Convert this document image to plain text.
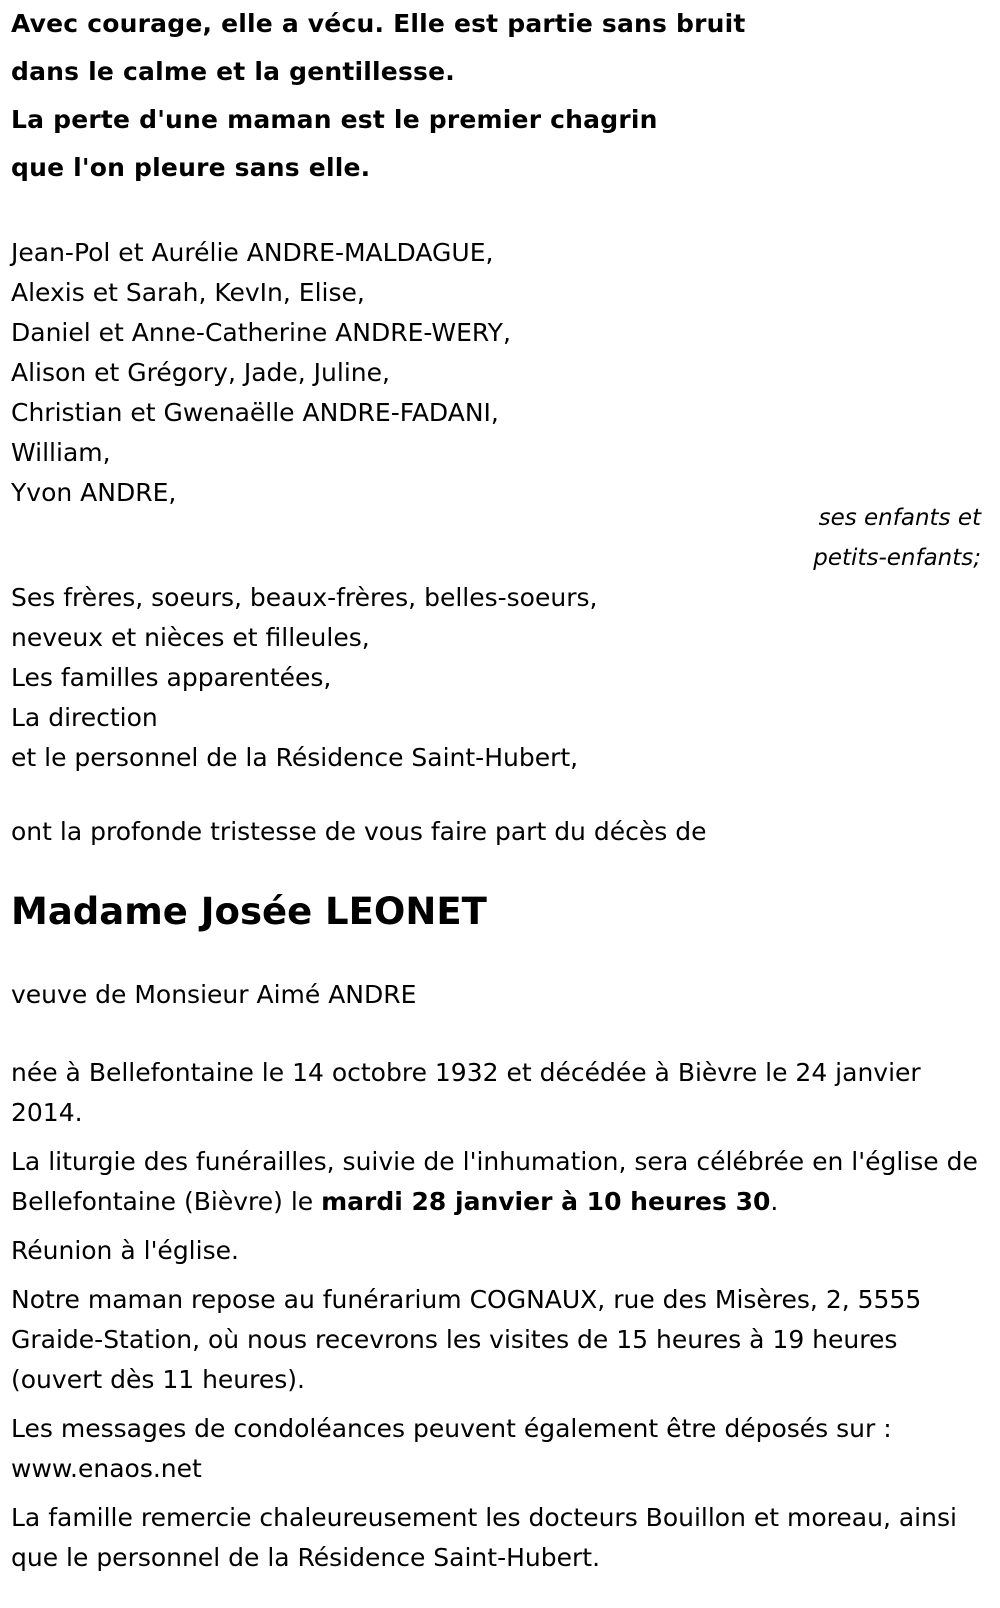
Avec courage, elle a vécu. Elle est partie sans bruit
dans le calme et la gentillesse.
La perte d'une maman est le premier chagrin
que l'on pleure sans elle.
Jean-Pol et Aurélie ANDRE-MALDAGUE,
Alexis et Sarah, KevIn, Elise,
Daniel et Anne-Catherine ANDRE-WERY,
Alison et Grégory, Jade, Juline,
Christian et Gwenaëlle ANDRE-FADANI,
William,
Yvon ANDRE,
ses enfants et
petits-enfants;
Ses frères, soeurs, beaux-frères, belles-soeurs,
neveux et nièces et filleules,
Les familles apparentées,
La direction
et le personnel de la Résidence Saint-Hubert,
ont la profonde tristesse de vous faire part du décès de
Madame Josée LEONET
veuve de Monsieur Aimé ANDRE

née à Bellefontaine le 14 octobre 1932 et décédée à Bièvre le 24 janvier 2014.

La liturgie des funérailles, suivie de l'inhumation, sera célébrée en l'église de Bellefontaine (Bièvre) le mardi 28 janvier à 10 heures 30.

Réunion à l'église.

Notre maman repose au funérarium COGNAUX, rue des Misères, 2, 5555 Graide-Station, où nous recevrons les visites de 15 heures à 19 heures (ouvert dès 11 heures).

Les messages de condoléances peuvent également être déposés sur : www.enaos.net

La famille remercie chaleureusement les docteurs Bouillon et moreau, ainsi que le personnel de la Résidence Saint-Hubert.
